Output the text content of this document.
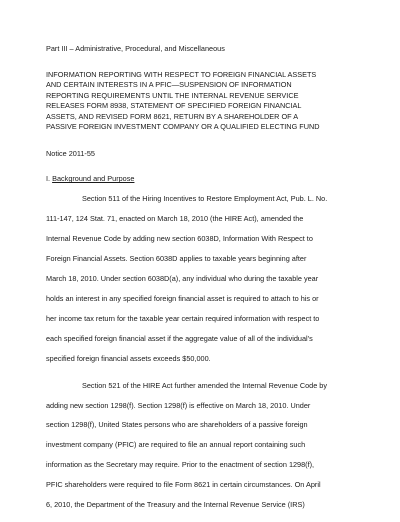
Part III – Administrative, Procedural, and Miscellaneous
INFORMATION REPORTING WITH RESPECT TO FOREIGN FINANCIAL ASSETS
AND CERTAIN INTERESTS IN A PFIC—SUSPENSION OF INFORMATION
REPORTING REQUIREMENTS UNTIL THE INTERNAL REVENUE SERVICE
RELEASES FORM 8938, STATEMENT OF SPECIFIED FOREIGN FINANCIAL
ASSETS, AND REVISED FORM 8621, RETURN BY A SHAREHOLDER OF A
PASSIVE FOREIGN INVESTMENT COMPANY OR A QUALIFIED ELECTING FUND
Notice 2011-55
I. Background and Purpose
Section 511 of the Hiring Incentives to Restore Employment Act, Pub. L. No.
111-147, 124 Stat. 71, enacted on March 18, 2010 (the HIRE Act), amended the
Internal Revenue Code by adding new section 6038D, Information With Respect to
Foreign Financial Assets. Section 6038D applies to taxable years beginning after
March 18, 2010. Under section 6038D(a), any individual who during the taxable year
holds an interest in any specified foreign financial asset is required to attach to his or
her income tax return for the taxable year certain required information with respect to
each specified foreign financial asset if the aggregate value of all of the individual’s
specified foreign financial assets exceeds $50,000.
Section 521 of the HIRE Act further amended the Internal Revenue Code by
adding new section 1298(f). Section 1298(f) is effective on March 18, 2010. Under
section 1298(f), United States persons who are shareholders of a passive foreign
investment company (PFIC) are required to file an annual report containing such
information as the Secretary may require. Prior to the enactment of section 1298(f),
PFIC shareholders were required to file Form 8621 in certain circumstances. On April
6, 2010, the Department of the Treasury and the Internal Revenue Service (IRS)
